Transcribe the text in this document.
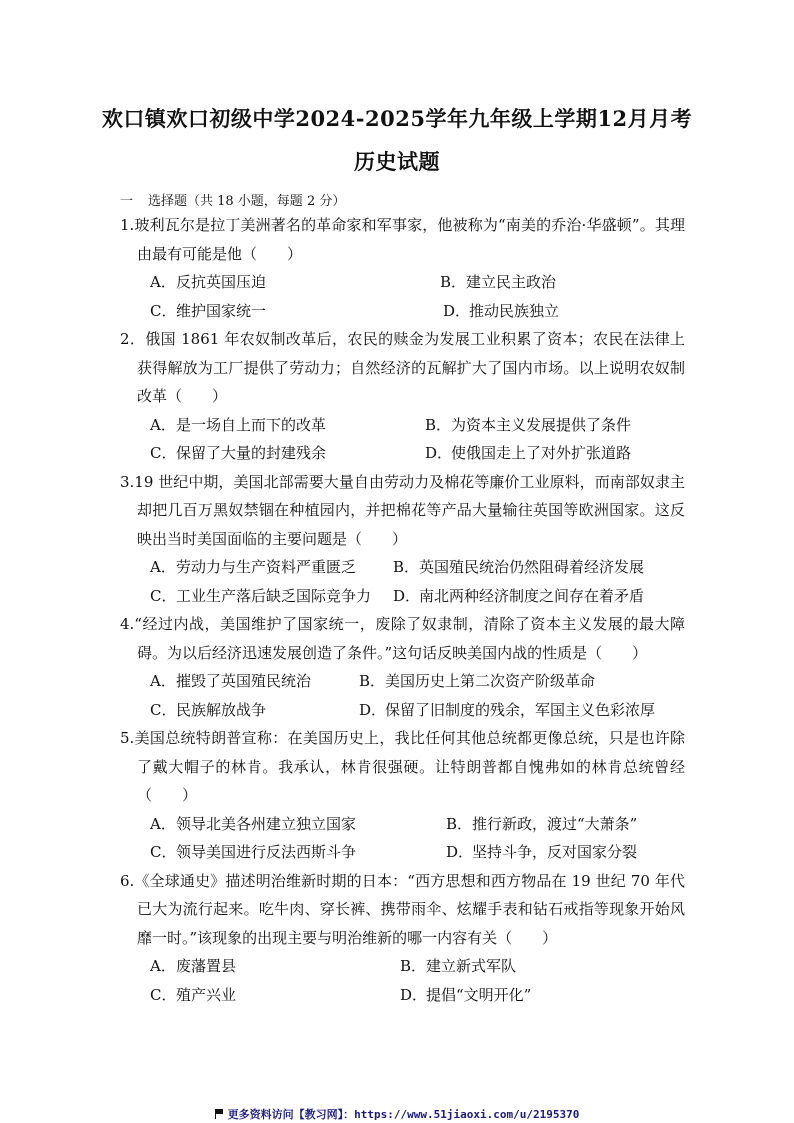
欢口镇欢口初级中学2024-2025学年九年级上学期12月月考
历史试题
一 选择题（共 18 小题，每题 2 分）
1.玻利瓦尔是拉丁美洲著名的革命家和军事家，他被称为“南美的乔治·华盛顿”。其理由最有可能是他（　　）
A．反抗英国压迫	B．建立民主政治
C．维护国家统一	D．推动民族独立
2．俄国 1861 年农奴制改革后，农民的赎金为发展工业积累了资本；农民在法律上获得解放为工厂提供了劳动力；自然经济的瓦解扩大了国内市场。以上说明农奴制改革（　　）
A．是一场自上而下的改革	B．为资本主义发展提供了条件
C．保留了大量的封建残余	D．使俄国走上了对外扩张道路
3.19 世纪中期，美国北部需要大量自由劳动力及棉花等廉价工业原料，而南部奴隶主却把几百万黑奴禁锢在种植园内，并把棉花等产品大量输往英国等欧洲国家。这反映出当时美国面临的主要问题是（　　）
A．劳动力与生产资料严重匮乏	B．英国殖民统治仍然阻碍着经济发展
C．工业生产落后缺乏国际竞争力	D．南北两种经济制度之间存在着矛盾
4.“经过内战，美国维护了国家统一，废除了奴隶制，清除了资本主义发展的最大障碍。为以后经济迅速发展创造了条件。”这句话反映美国内战的性质是（　　）
A．摧毁了英国殖民统治	B．美国历史上第二次资产阶级革命
C．民族解放战争	D．保留了旧制度的残余，军国主义色彩浓厚
5.美国总统特朗普宣称：在美国历史上，我比任何其他总统都更像总统，只是也许除了戴大帽子的林肯。我承认，林肯很强硬。让特朗普都自愧弗如的林肯总统曾经（　　）
A．领导北美各州建立独立国家	B．推行新政，渡过“大萧条”
C．领导美国进行反法西斯斗争	D．坚持斗争，反对国家分裂
6.《全球通史》描述明治维新时期的日本：“西方思想和西方物品在 19 世纪 70 年代已大为流行起来。吃牛肉、穿长裤、携带雨伞、炫耀手表和钻石戒指等现象开始风靡一时。”该现象的出现主要与明治维新的哪一内容有关（　　）
A．废藩置县	B．建立新式军队
C．殖产兴业	D．提倡“文明开化”
更多资料访问【教习网】：https://www.51jiaoxi.com/u/2195370
